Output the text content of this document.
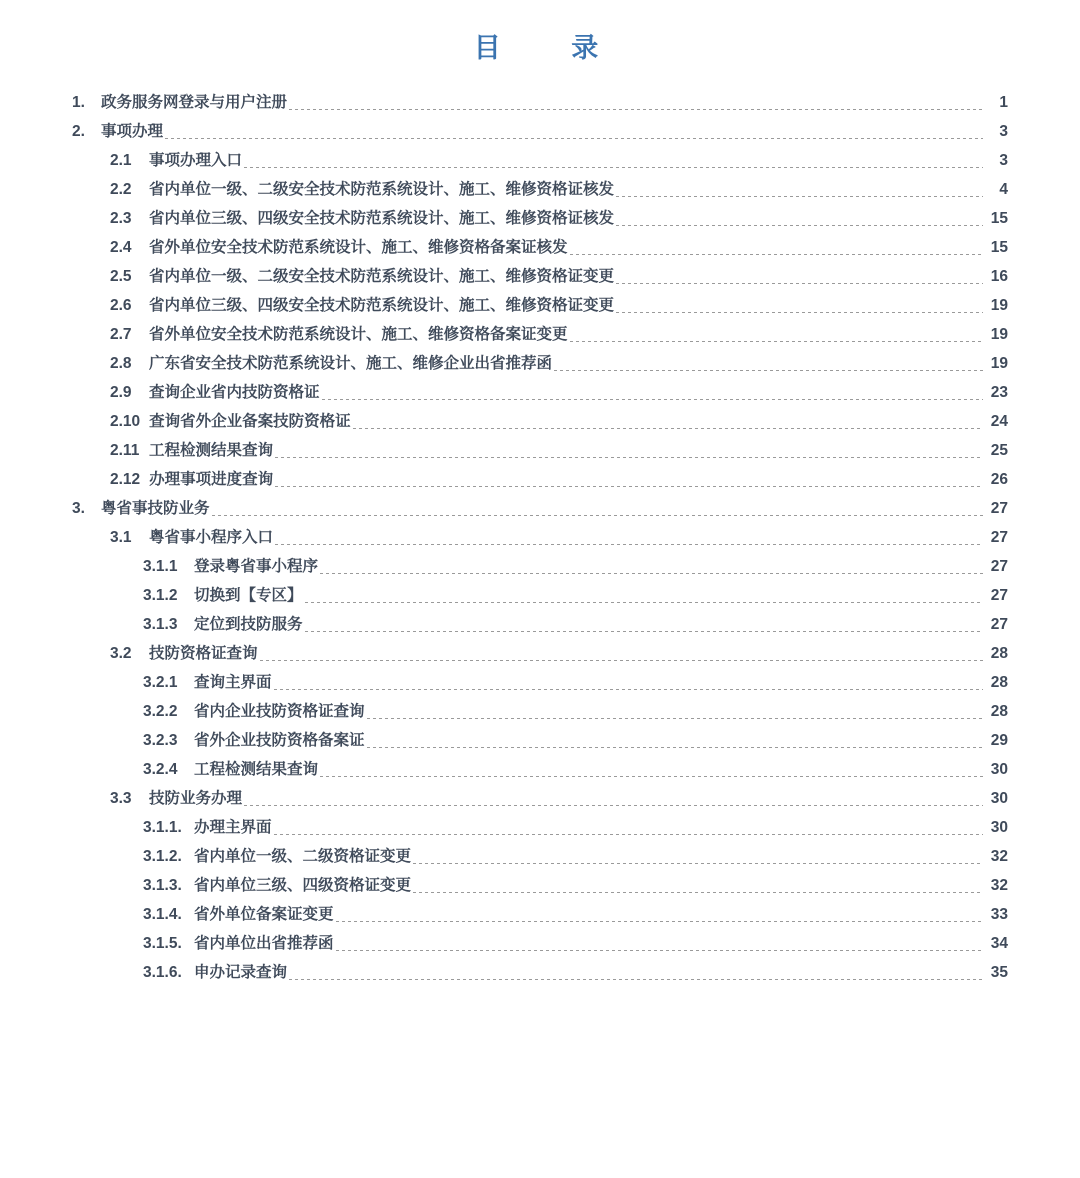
目    录
1.	政务服务网登录与用户注册	1
2.	事项办理	3
2.1	事项办理入口	3
2.2	省内单位一级、二级安全技术防范系统设计、施工、维修资格证核发	4
2.3	省内单位三级、四级安全技术防范系统设计、施工、维修资格证核发	15
2.4	省外单位安全技术防范系统设计、施工、维修资格备案证核发	15
2.5	省内单位一级、二级安全技术防范系统设计、施工、维修资格证变更	16
2.6	省内单位三级、四级安全技术防范系统设计、施工、维修资格证变更	19
2.7	省外单位安全技术防范系统设计、施工、维修资格备案证变更	19
2.8	广东省安全技术防范系统设计、施工、维修企业出省推荐函	19
2.9	查询企业省内技防资格证	23
2.10 查询省外企业备案技防资格证	24
2.11 工程检测结果查询	25
2.12 办理事项进度查询	26
3.	粤省事技防业务	27
3.1	粤省事小程序入口	27
3.1.1	登录粤省事小程序	27
3.1.2	切换到【专区】	27
3.1.3	定位到技防服务	27
3.2	技防资格证查询	28
3.2.1	查询主界面	28
3.2.2	省内企业技防资格证查询	28
3.2.3	省外企业技防资格备案证	29
3.2.4	工程检测结果查询	30
3.3	技防业务办理	30
3.1.1. 办理主界面	30
3.1.2. 省内单位一级、二级资格证变更	32
3.1.3. 省内单位三级、四级资格证变更	32
3.1.4. 省外单位备案证变更	33
3.1.5. 省内单位出省推荐函	34
3.1.6. 申办记录查询	35
